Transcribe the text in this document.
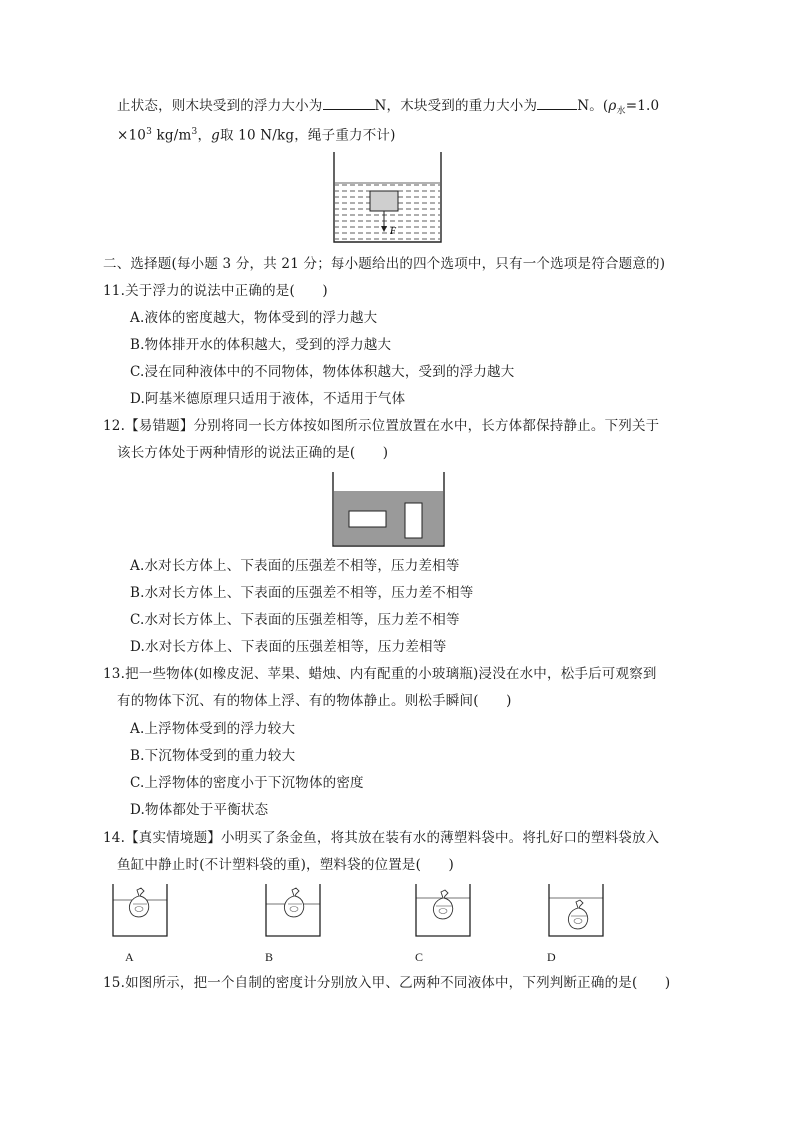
止状态，则木块受到的浮力大小为	N，木块受到的重力大小为	N。($\rho_水=1.0$
$\times 10^3$ $kg/m^3$，g取 10 N/kg，绳子重力不计)
F
二、选择题(每小题 3 分，共 21 分；每小题给出的四个选项中，只有一个选项是符合题意的)
11.关于浮力的说法中正确的是(　　)
A.液体的密度越大，物体受到的浮力越大
B.物体排开水的体积越大，受到的浮力越大
C.浸在同种液体中的不同物体，物体体积越大，受到的浮力越大
D.阿基米德原理只适用于液体，不适用于气体
12.【易错题】分别将同一长方体按如图所示位置放置在水中，长方体都保持静止。下列关于
该长方体处于两种情形的说法正确的是(　　)
A.水对长方体上、下表面的压强差不相等，压力差相等
B.水对长方体上、下表面的压强差不相等，压力差不相等
C.水对长方体上、下表面的压强差相等，压力差不相等
D.水对长方体上、下表面的压强差相等，压力差相等
13.把一些物体(如橡皮泥、苹果、蜡烛、内有配重的小玻璃瓶)浸没在水中，松手后可观察到
有的物体下沉、有的物体上浮、有的物体静止。则松手瞬间(　　)
A.上浮物体受到的浮力较大
B.下沉物体受到的重力较大
C.上浮物体的密度小于下沉物体的密度
D.物体都处于平衡状态
14.【真实情境题】小明买了条金鱼，将其放在装有水的薄塑料袋中。将扎好口的塑料袋放入
鱼缸中静止时(不计塑料袋的重)，塑料袋的位置是(　　)
A	B	C	D
15.如图所示，把一个自制的密度计分别放入甲、乙两种不同液体中，下列判断正确的是(　　)
